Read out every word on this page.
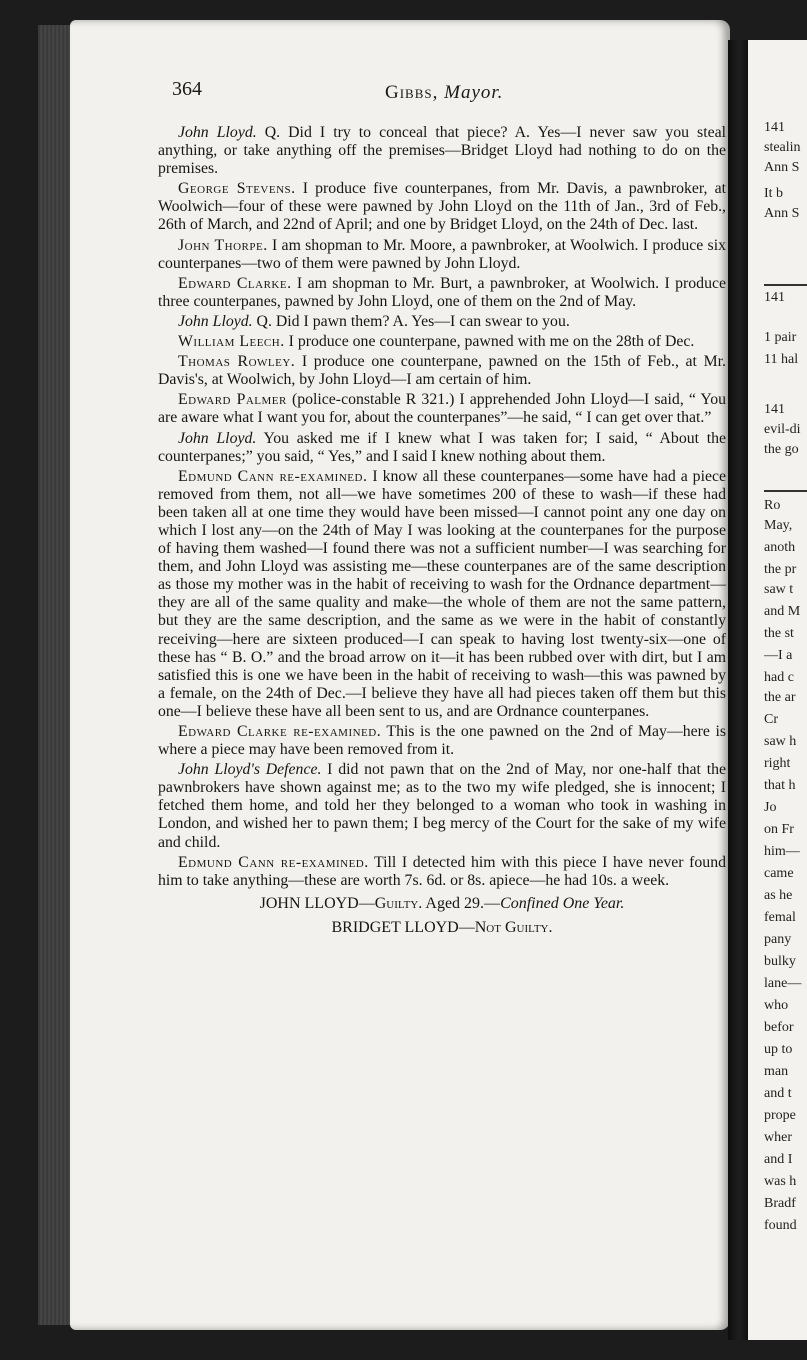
141
stealin
Ann S
It b
Ann S
141
1 pair
11 hal
141
evil-di
the go
Ro
May,
anoth
the pr
saw t
and M
the st
—I a
had c
the ar
Cr
saw h
right
that h
Jo
on Fr
him—
came
as he
femal
pany
bulky
lane—
who
befor
up to
man
and t
prope
wher
and I
was h
Bradf
found
364	Gibbs, Mayor.

John Lloyd. Q. Did I try to conceal that piece? A. Yes—I never saw you steal anything, or take anything off the premises—Bridget Lloyd had nothing to do on the premises.

George Stevens. I produce five counterpanes, from Mr. Davis, a pawnbroker, at Woolwich—four of these were pawned by John Lloyd on the 11th of Jan., 3rd of Feb., 26th of March, and 22nd of April; and one by Bridget Lloyd, on the 24th of Dec. last.

John Thorpe. I am shopman to Mr. Moore, a pawnbroker, at Woolwich. I produce six counterpanes—two of them were pawned by John Lloyd.

Edward Clarke. I am shopman to Mr. Burt, a pawnbroker, at Woolwich. I produce three counterpanes, pawned by John Lloyd, one of them on the 2nd of May.

John Lloyd. Q. Did I pawn them? A. Yes—I can swear to you.

William Leech. I produce one counterpane, pawned with me on the 28th of Dec.

Thomas Rowley. I produce one counterpane, pawned on the 15th of Feb., at Mr. Davis's, at Woolwich, by John Lloyd—I am certain of him.

Edward Palmer (police-constable R 321.) I apprehended John Lloyd—I said, “ You are aware what I want you for, about the counterpanes”—he said, “ I can get over that.”

John Lloyd. You asked me if I knew what I was taken for; I said, “ About the counterpanes;” you said, “ Yes,” and I said I knew nothing about them.

Edmund Cann re-examined. I know all these counterpanes—some have had a piece removed from them, not all—we have sometimes 200 of these to wash—if these had been taken all at one time they would have been missed—I cannot point any one day on which I lost any—on the 24th of May I was looking at the counterpanes for the purpose of having them washed—I found there was not a sufficient number—I was searching for them, and John Lloyd was assisting me—these counterpanes are of the same description as those my mother was in the habit of receiving to wash for the Ordnance department—they are all of the same quality and make—the whole of them are not the same pattern, but they are the same description, and the same as we were in the habit of constantly receiving—here are sixteen produced—I can speak to having lost twenty-six—one of these has “ B. O.” and the broad arrow on it—it has been rubbed over with dirt, but I am satisfied this is one we have been in the habit of receiving to wash—this was pawned by a female, on the 24th of Dec.—I believe they have all had pieces taken off them but this one—I believe these have all been sent to us, and are Ordnance counterpanes.

Edward Clarke re-examined. This is the one pawned on the 2nd of May—here is where a piece may have been removed from it.

John Lloyd's Defence. I did not pawn that on the 2nd of May, nor one-half that the pawnbrokers have shown against me; as to the two my wife pledged, she is innocent; I fetched them home, and told her they belonged to a woman who took in washing in London, and wished her to pawn them; I beg mercy of the Court for the sake of my wife and child.

Edmund Cann re-examined. Till I detected him with this piece I have never found him to take anything—these are worth 7s. 6d. or 8s. apiece—he had 10s. a week.

JOHN LLOYD—Guilty. Aged 29.—Confined One Year.
BRIDGET LLOYD—Not Guilty.
